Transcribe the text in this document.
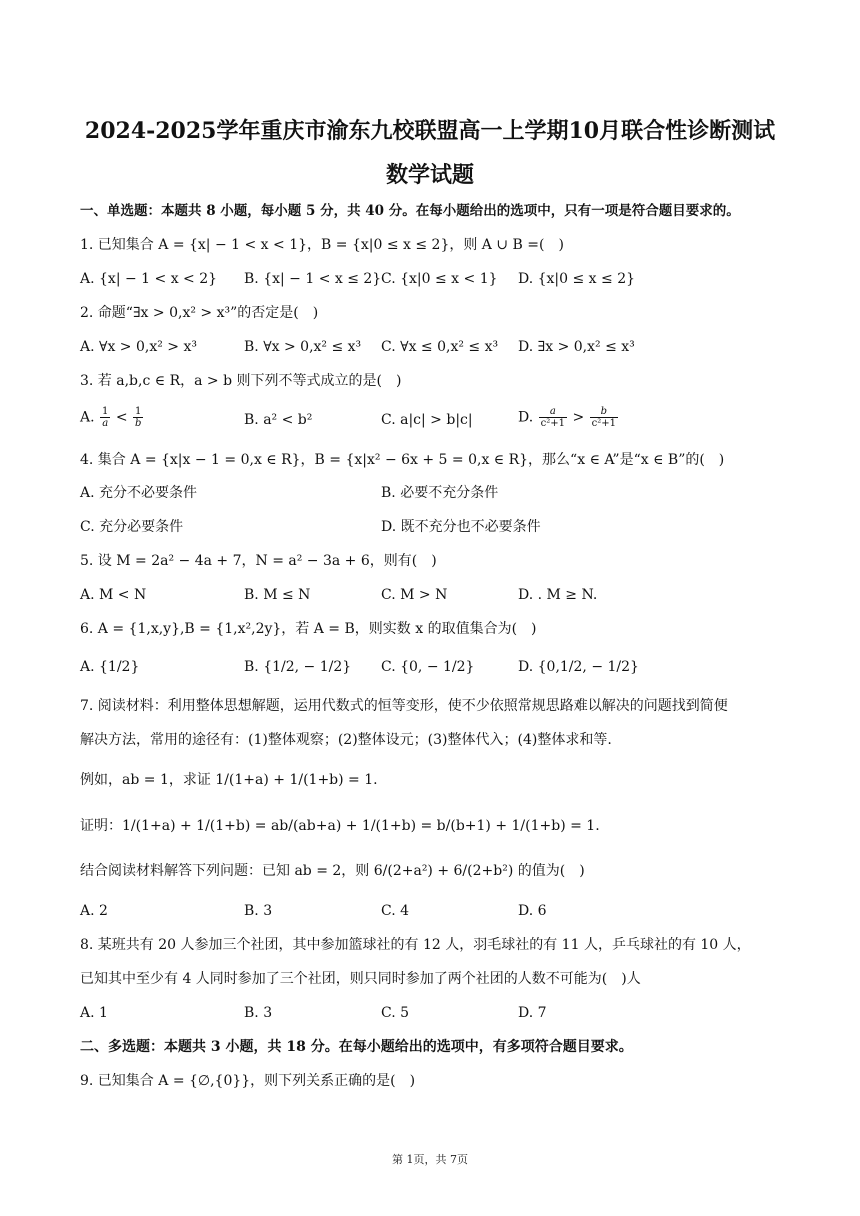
2024-2025学年重庆市渝东九校联盟高一上学期10月联合性诊断测试
数学试题
一、单选题：本题共 8 小题，每小题 5 分，共 40 分。在每小题给出的选项中，只有一项是符合题目要求的。
1. 已知集合 A = {x| − 1 < x < 1}，B = {x|0 ≤ x ≤ 2}，则 A ∪ B =(　)
A. {x| − 1 < x < 2} B. {x| − 1 < x ≤ 2} C. {x|0 ≤ x < 1} D. {x|0 ≤ x ≤ 2}
2. 命题“∃x > 0,x² > x³”的否定是(　)
A. ∀x > 0,x² > x³	B. ∀x > 0,x² ≤ x³ C. ∀x ≤ 0,x² ≤ x³ D. ∃x > 0,x² ≤ x³
3. 若 a,b,c ∈ R，a > b 则下列不等式成立的是(　)
A. $\frac{1}{a} < \frac{1}{b}$	B. a² < b²	C. a|c| > b|c|	D. $\frac{a}{\text{c²+1}} > \frac{b}{\text{c²+1}}$
4. 集合 A = {x|x − 1 = 0,x ∈ R}，B = {x|x² − 6x + 5 = 0,x ∈ R}，那么“x ∈ A”是“x ∈ B”的(　)
A. 充分不必要条件	B. 必要不充分条件
C. 充分必要条件	D. 既不充分也不必要条件
5. 设 M = 2a² − 4a + 7，N = a² − 3a + 6，则有(　)
A. M < N	B. M ≤ N	C. M > N	D. . M ≥ N.
6. A = {1,x,y},B = {1,x²,2y}，若 A = B，则实数 x 的取值集合为(　)
A. {1/2}	B. {1/2, − 1/2} C. {0, − 1/2}	D. {0,1/2, − 1/2}
7. 阅读材料：利用整体思想解题，运用代数式的恒等变形，使不少依照常规思路难以解决的问题找到简便
解决方法，常用的途径有：(1)整体观察；(2)整体设元；(3)整体代入；(4)整体求和等.
例如，ab = 1，求证 1/(1+a) + 1/(1+b) = 1.
证明：1/(1+a) + 1/(1+b) = ab/(ab+a) + 1/(1+b) = b/(b+1) + 1/(1+b) = 1.
结合阅读材料解答下列问题：已知 ab = 2，则 6/(2+a²) + 6/(2+b²) 的值为(　)
A. 2	B. 3	C. 4	D. 6
8. 某班共有 20 人参加三个社团，其中参加篮球社的有 12 人，羽毛球社的有 11 人，乒乓球社的有 10 人，
已知其中至少有 4 人同时参加了三个社团，则只同时参加了两个社团的人数不可能为(　)人
A. 1	B. 3	C. 5	D. 7
二、多选题：本题共 3 小题，共 18 分。在每小题给出的选项中，有多项符合题目要求。
9. 已知集合 A = {∅,{0}}，则下列关系正确的是(　)
第 1页，共 7页
